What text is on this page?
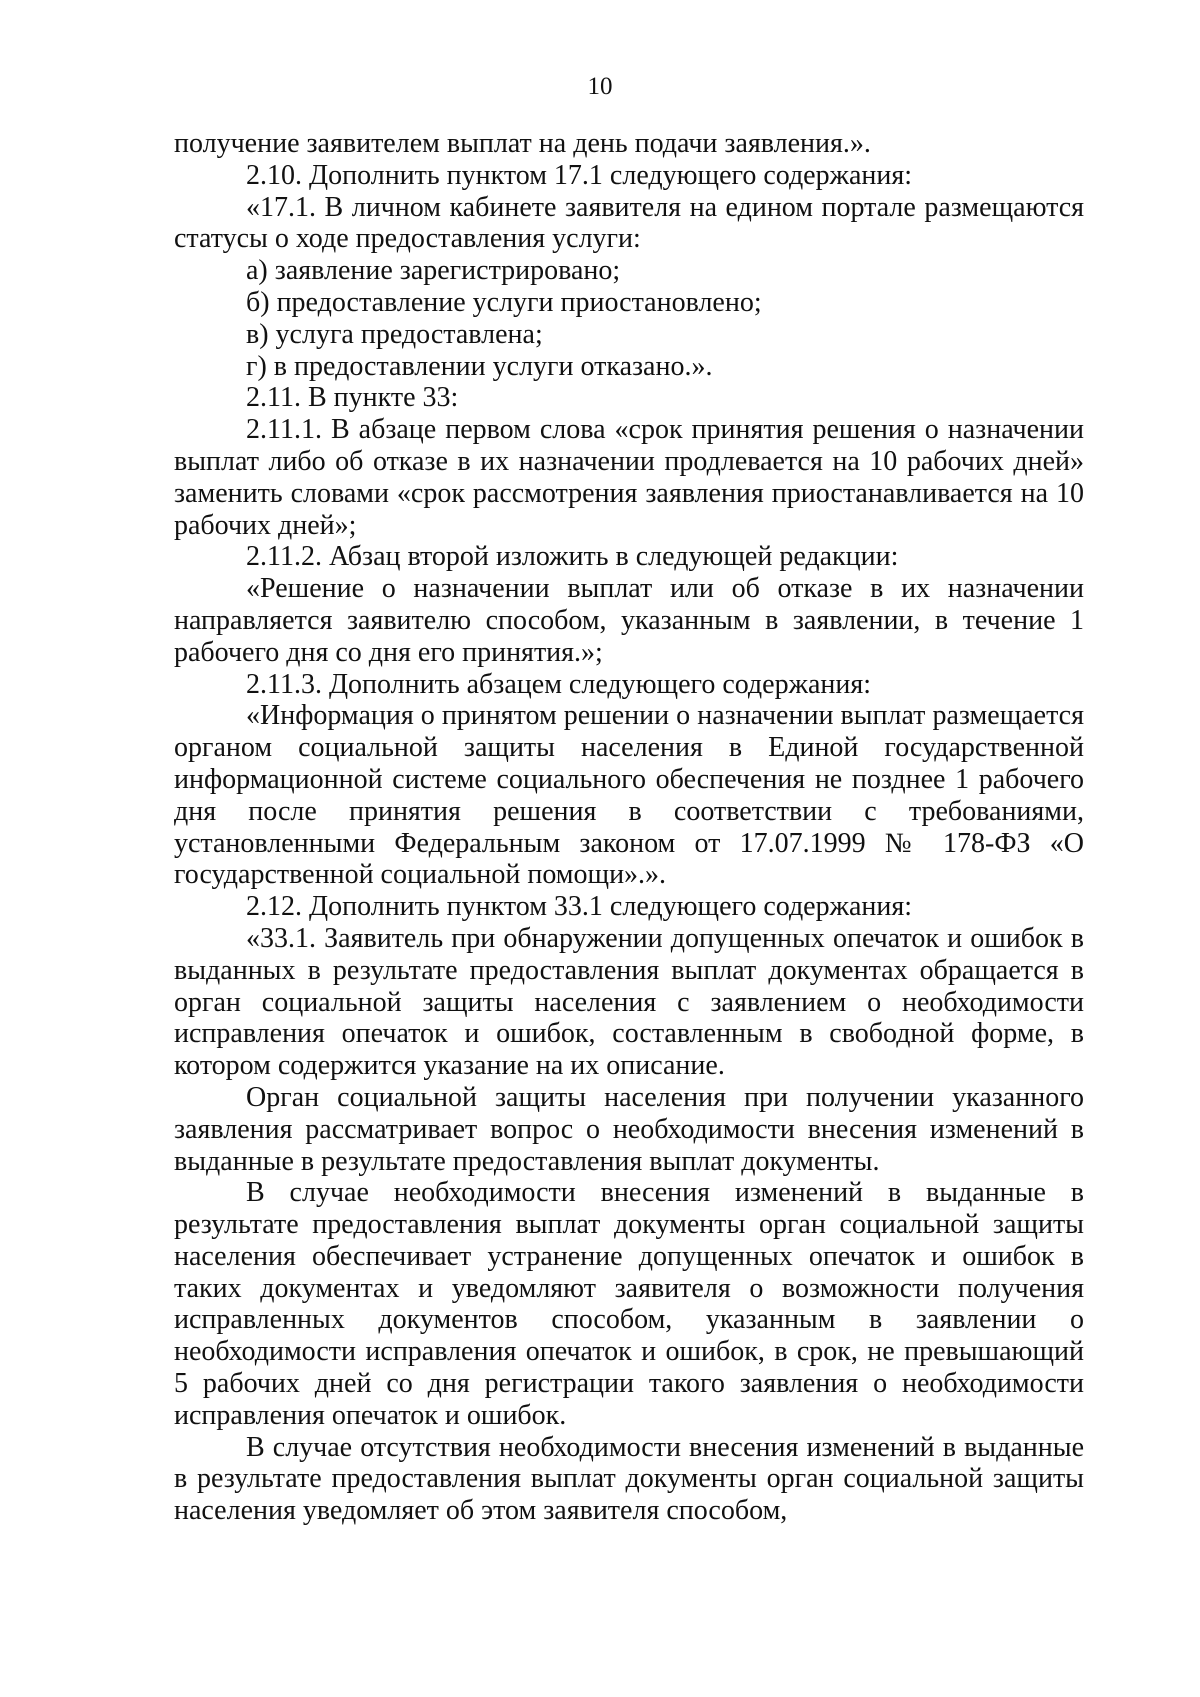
10

получение заявителем выплат на день подачи заявления.».

2.10. Дополнить пунктом 17.1 следующего содержания:

«17.1. В личном кабинете заявителя на едином портале размещаются статусы о ходе предоставления услуги:

а) заявление зарегистрировано;

б) предоставление услуги приостановлено;

в) услуга предоставлена;

г) в предоставлении услуги отказано.».

2.11. В пункте 33:

2.11.1. В абзаце первом слова «срок принятия решения о назначении выплат либо об отказе в их назначении продлевается на 10 рабочих дней» заменить словами «срок рассмотрения заявления приостанавливается на 10 рабочих дней»;

2.11.2. Абзац второй изложить в следующей редакции:

«Решение о назначении выплат или об отказе в их назначении направляется заявителю способом, указанным в заявлении, в течение 1 рабочего дня со дня его принятия.»;

2.11.3. Дополнить абзацем следующего содержания:

«Информация о принятом решении о назначении выплат размещается органом социальной защиты населения в Единой государственной информационной системе социального обеспечения не позднее 1 рабочего дня после принятия решения в соответствии с требованиями, установленными Федеральным законом от 17.07.1999 № 178-ФЗ «О государственной социальной помощи».».

2.12. Дополнить пунктом 33.1 следующего содержания:

«33.1. Заявитель при обнаружении допущенных опечаток и ошибок в выданных в результате предоставления выплат документах обращается в орган социальной защиты населения с заявлением о необходимости исправления опечаток и ошибок, составленным в свободной форме, в котором содержится указание на их описание.

Орган социальной защиты населения при получении указанного заявления рассматривает вопрос о необходимости внесения изменений в выданные в результате предоставления выплат документы.

В случае необходимости внесения изменений в выданные в результате предоставления выплат документы орган социальной защиты населения обеспечивает устранение допущенных опечаток и ошибок в таких документах и уведомляют заявителя о возможности получения исправленных документов способом, указанным в заявлении о необходимости исправления опечаток и ошибок, в срок, не превышающий 5 рабочих дней со дня регистрации такого заявления о необходимости исправления опечаток и ошибок.

В случае отсутствия необходимости внесения изменений в выданные в результате предоставления выплат документы орган социальной защиты населения уведомляет об этом заявителя способом,
